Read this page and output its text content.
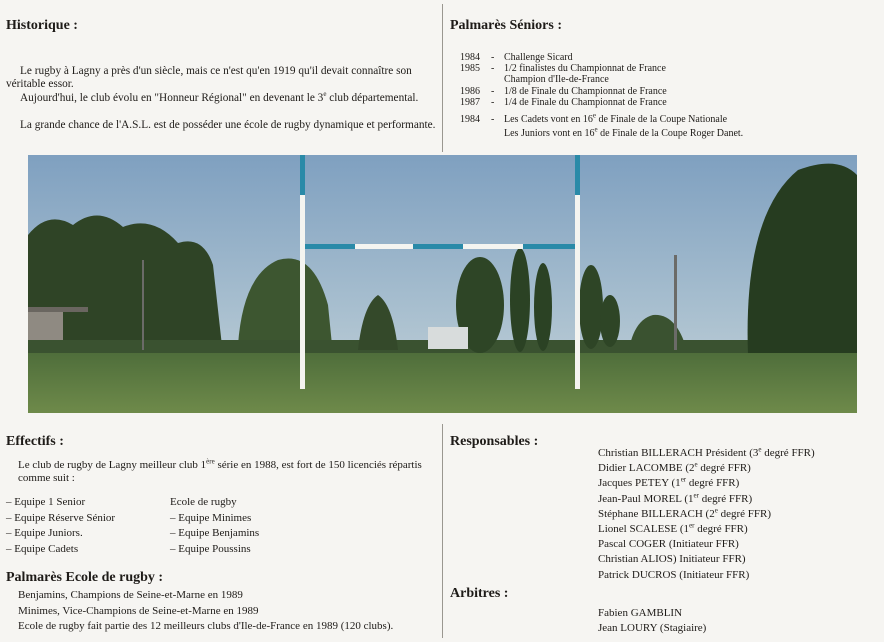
Historique :
Le rugby à Lagny a près d'un siècle, mais ce n'est qu'en 1919 qu'il devait connaître son véritable essor.
Aujourd'hui, le club évolu en "Honneur Régional" en devenant le 3e club départemental.
La grande chance de l'A.S.L. est de posséder une école de rugby dynamique et performante.
Palmarès Séniors :
1984	- Challenge Sicard
1985	- 1/2 finalistes du Championnat de France
Champion d'Ile-de-France
1986	- 1/8 de Finale du Championnat de France
1987	- 1/4 de Finale du Championnat de France
1984	- Les Cadets vont en 16e de Finale de la Coupe Nationale
Les Juniors vont en 16e de Finale de la Coupe Roger Danet.
Effectifs :
Le club de rugby de Lagny meilleur club 1ère série en 1988, est fort de 150 licenciés répartis comme suit :
– Equipe 1 Senior
– Equipe Réserve Sénior
– Equipe Juniors.
– Equipe Cadets
Ecole de rugby
– Equipe Minimes
– Equipe Benjamins
– Equipe Poussins
Palmarès Ecole de rugby :
Benjamins, Champions de Seine-et-Marne en 1989
Minimes, Vice-Champions de Seine-et-Marne en 1989
Ecole de rugby fait partie des 12 meilleurs clubs d'Ile-de-France en 1989 (120 clubs).
Responsables :
Christian BILLERACH Président (3e degré FFR)
Didier LACOMBE (2e degré FFR)
Jacques PETEY (1er degré FFR)
Jean-Paul MOREL (1er degré FFR)
Stéphane BILLERACH (2e degré FFR)
Lionel SCALESE (1er degré FFR)
Pascal COGER (Initiateur FFR)
Christian ALIOS) Initiateur FFR)
Patrick DUCROS (Initiateur FFR)
Arbitres :
Fabien GAMBLIN
Jean LOURY (Stagiaire)
